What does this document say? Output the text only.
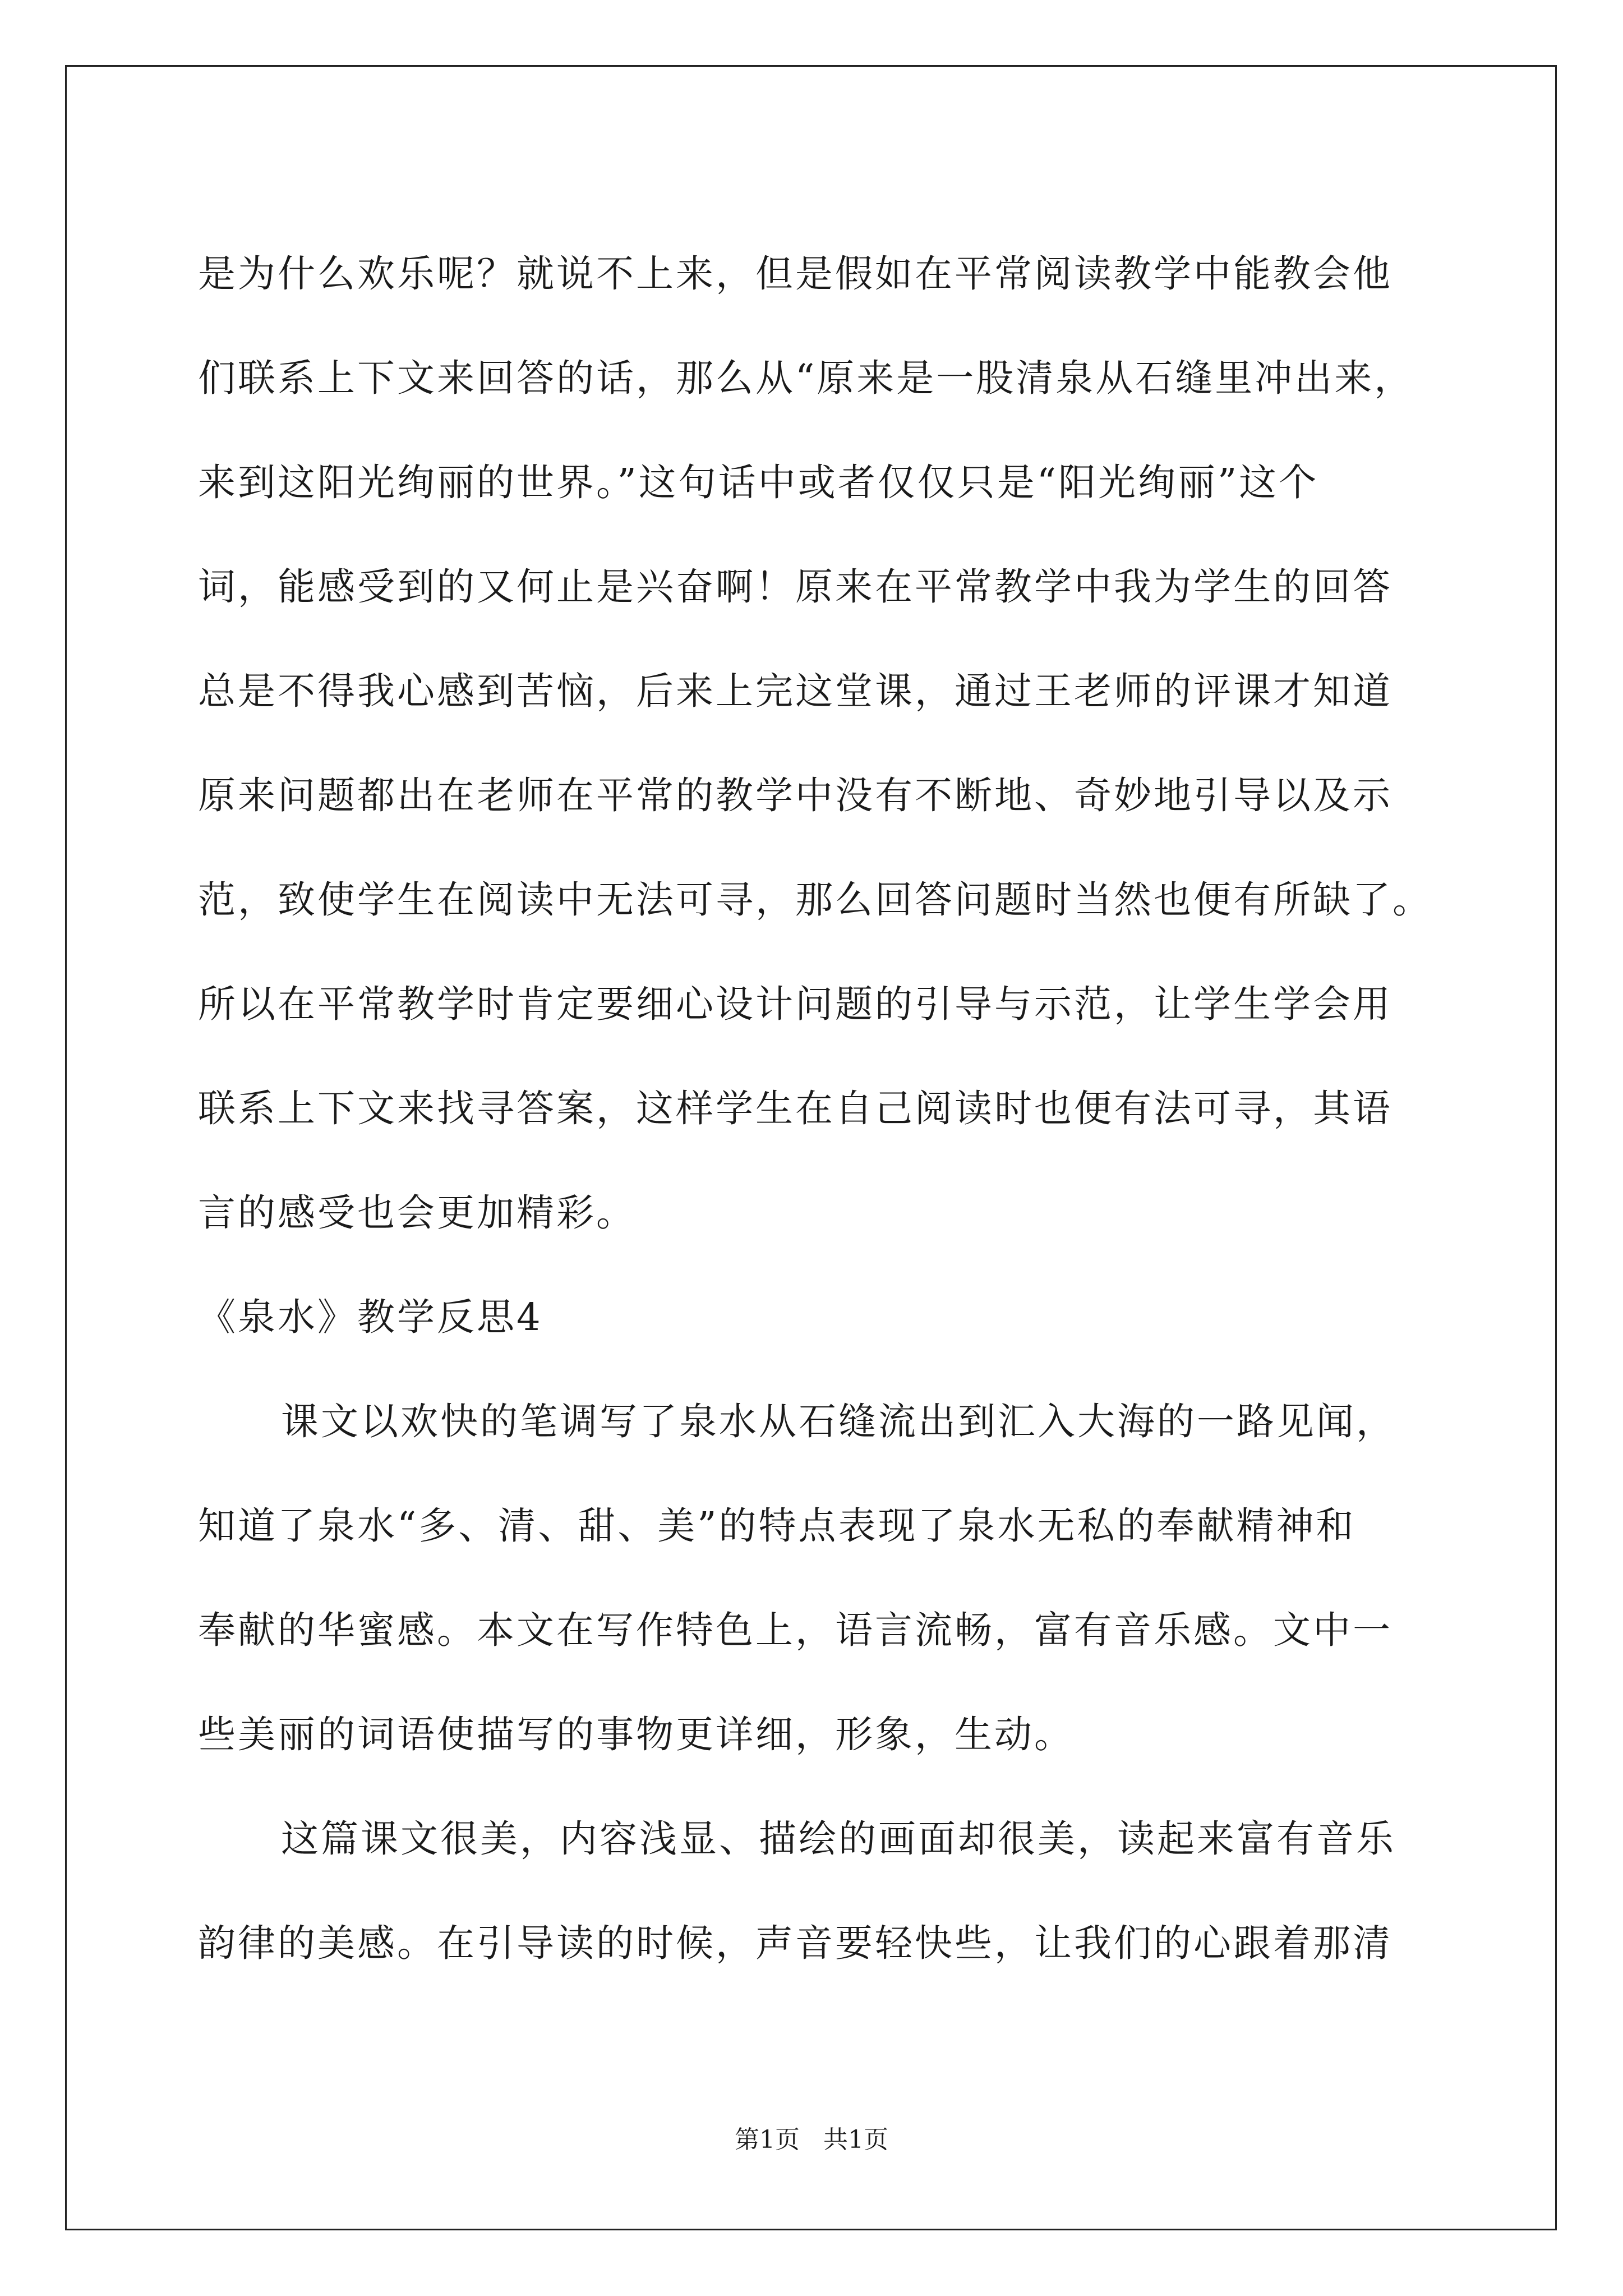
是为什么欢乐呢？就说不上来，但是假如在平常阅读教学中能教会他
们联系上下文来回答的话，那么从“原来是一股清泉从石缝里冲出来，
来到这阳光绚丽的世界。”这句话中或者仅仅只是“阳光绚丽”这个
词，能感受到的又何止是兴奋啊！原来在平常教学中我为学生的回答
总是不得我心感到苦恼，后来上完这堂课，通过王老师的评课才知道
原来问题都出在老师在平常的教学中没有不断地、奇妙地引导以及示
范，致使学生在阅读中无法可寻，那么回答问题时当然也便有所缺了。
所以在平常教学时肯定要细心设计问题的引导与示范，让学生学会用
联系上下文来找寻答案，这样学生在自己阅读时也便有法可寻，其语
言的感受也会更加精彩。
《泉水》教学反思4
课文以欢快的笔调写了泉水从石缝流出到汇入大海的一路见闻，
知道了泉水“多、清、甜、美”的特点表现了泉水无私的奉献精神和
奉献的华蜜感。本文在写作特色上，语言流畅，富有音乐感。文中一
些美丽的词语使描写的事物更详细，形象，生动。
这篇课文很美，内容浅显、描绘的画面却很美，读起来富有音乐
韵律的美感。在引导读的时候，声音要轻快些，让我们的心跟着那清
第1页   共1页
